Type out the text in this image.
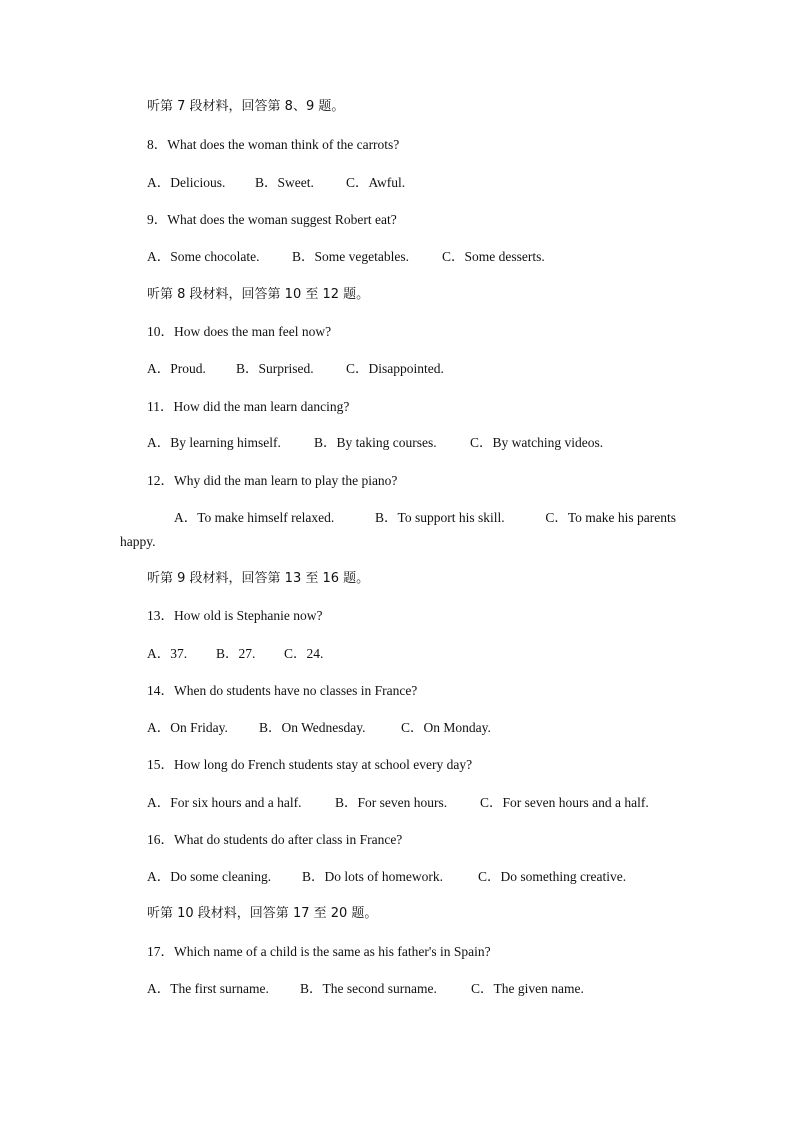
听第 7 段材料，回答第 8、9 题。
8．What does the woman think of the carrots?
A．Delicious.	B．Sweet.	C．Awful.
9．What does the woman suggest Robert eat?
A．Some chocolate.	B．Some vegetables.	C．Some desserts.
听第 8 段材料，回答第 10 至 12 题。
10．How does the man feel now?
A．Proud.	B．Surprised.	C．Disappointed.
11．How did the man learn dancing?
A．By learning himself.	B．By taking courses.	C．By watching videos.
12．Why did the man learn to play the piano?
A．To make himself relaxed.	B．To support his skill.	C．To make his parents
happy.
听第 9 段材料，回答第 13 至 16 题。
13．How old is Stephanie now?
A．37.	B．27.	C．24.
14．When do students have no classes in France?
A．On Friday.	B．On Wednesday.	C．On Monday.
15．How long do French students stay at school every day?
A．For six hours and a half.	B．For seven hours.	C．For seven hours and a half.
16．What do students do after class in France?
A．Do some cleaning.	B．Do lots of homework.	C．Do something creative.
听第 10 段材料，回答第 17 至 20 题。
17．Which name of a child is the same as his father's in Spain?
A．The first surname.	B．The second surname.	C．The given name.
